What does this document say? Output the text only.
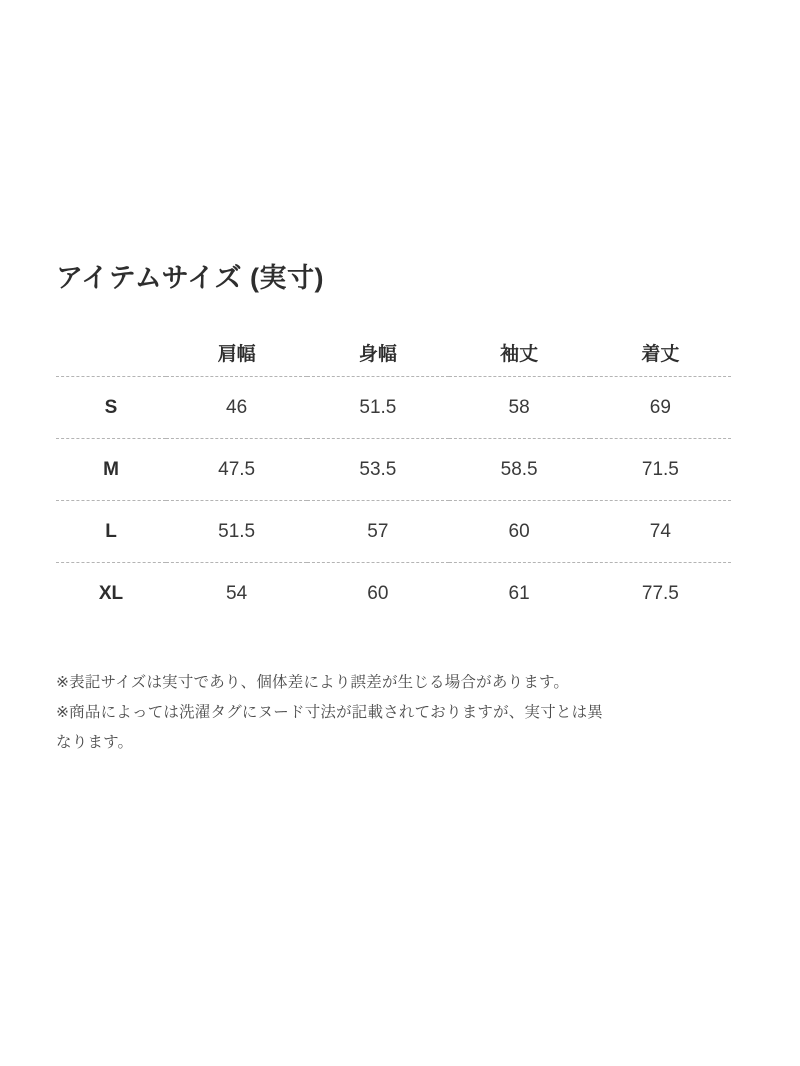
アイテムサイズ (実寸)
	肩幅	身幅	袖丈	着丈
S	46	51.5	58	69
M	47.5	53.5	58.5	71.5
L	51.5	57	60	74
XL	54	60	61	77.5
※表記サイズは実寸であり、個体差により誤差が生じる場合があります。
※商品によっては洗濯タグにヌード寸法が記載されておりますが、実寸とは異
なります。
